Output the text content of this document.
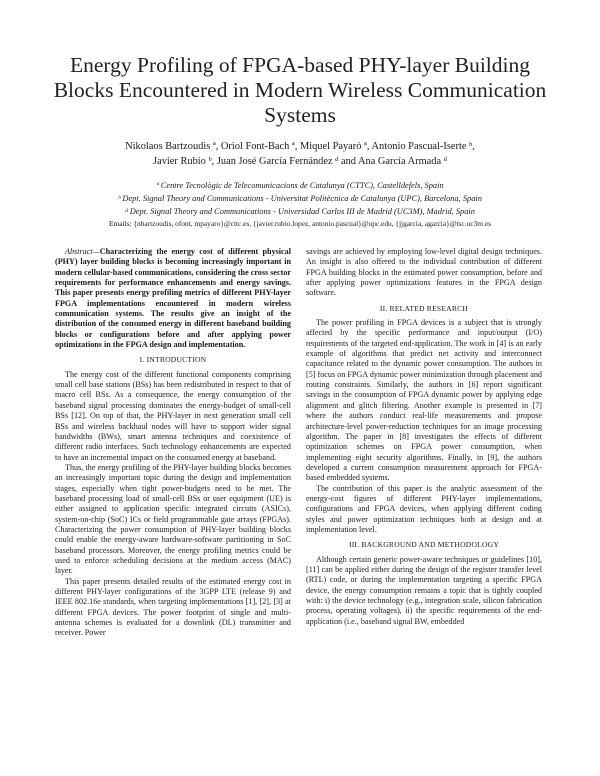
Energy Profiling of FPGA-based PHY-layer Building Blocks Encountered in Modern Wireless Communication Systems
Nikolaos Bartzoudis ª, Oriol Font-Bach ª, Miquel Payaró ª, Antonio Pascual-Iserte ᵇ,
Javier Rubio ᵇ, Juan José García Fernández ᵈ and Ana García Armada ᵈ
ª Centre Tecnològic de Telecomunicacions de Catalunya (CTTC), Castelldefels, Spain
ᵇ Dept. Signal Theory and Communications - Universitat Politècnica de Catalunya (UPC), Barcelona, Spain
ᵈ Dept. Signal Theory and Communications - Universidad Carlos III de Madrid (UC3M), Madrid, Spain
Emails: {nbartzoudis, ofont, mpayaro}@cttc.es, {javier.rubio.lopez, antonio.pascual}@upc.edu, {jjgarcia, agarcia}@tsc.uc3m.es

Abstract—Characterizing the energy cost of different physical (PHY) layer building blocks is becoming increasingly important in modern cellular-based communications, considering the cross sector requirements for performance enhancements and energy savings. This paper presents energy profiling metrics of different PHY-layer FPGA implementations encountered in modern wireless communication systems. The results give an insight of the distribution of the consumed energy in different baseband building blocks or configurations before and after applying power optimizations in the FPGA design and implementation.

I. INTRODUCTION

The energy cost of the different functional components comprising small cell base stations (BSs) has been redistributed in respect to that of macro cell BSs. As a consequence, the energy consumption of the baseband signal processing dominates the energy-budget of small-cell BSs [12]. On top of that, the PHY-layer in next generation small cell BSs and wireless backhaul nodes will have to support wider signal bandwidths (BWs), smart antenna techniques and coexistence of different radio interfaces. Such technology enhancements are expected to have an incremental impact on the consumed energy at baseband.

Thus, the energy profiling of the PHY-layer building blocks becomes an increasingly important topic during the design and implementation stages, especially when tight power-budgets need to be met. The baseband processing load of small-cell BSs or user equipment (UE) is either assigned to application specific integrated circuits (ASICs), system-on-chip (SoC) ICs or field programmable gate arrays (FPGAs). Characterizing the power consumption of PHY-layer building blocks could enable the energy-aware hardware-software partitioning in SoC baseband processors. Moreover, the energy profiling metrics could be used to enforce scheduling decisions at the medium access (MAC) layer.

This paper presents detailed results of the estimated energy cost in different PHY-layer configurations of the 3GPP LTE (release 9) and IEEE 802.16e standards, when targeting implementations [1], [2], [3] at different FPGA devices. The power footprint of single and multi-antenna schemes is evaluated for a downlink (DL) transmitter and receiver. Power

savings are achieved by employing low-level digital design techniques. An insight is also offered to the individual contribution of different FPGA building blocks in the estimated power consumption, before and after applying power optimizations features in the FPGA design software.

II. RELATED RESEARCH

The power profiling in FPGA devices is a subject that is strongly affected by the specific performance and input/output (I/O) requirements of the targeted end-application. The work in [4] is an early example of algorithms that predict net activity and interconnect capacitance related to the dynamic power consumption. The authors in [5] focus on FPGA dynamic power minimization through placement and routing constraints. Similarly, the authors in [6] report significant savings in the consumption of FPGA dynamic power by applying edge alignment and glitch filtering. Another example is presented in [7] where the authors conduct real-life measurements and propose architecture-level power-reduction techniques for an image processing algorithm. The paper in [8] investigates the effects of different optimization schemes on FPGA power consumption, when implementing eight security algorithms. Finally, in [9], the authors developed a current consumption measurement approach for FPGA-based embedded systems.

The contribution of this paper is the analytic assessment of the energy-cost figures of different PHY-layer implementations, configurations and FPGA devices, when applying different coding styles and power optimization techniques both at design and at implementation level.

III. BACKGROUND AND METHODOLOGY

Although certain generic power-aware techniques or guidelines [10], [11] can be applied either during the design of the register transfer level (RTL) code, or during the implementation targeting a specific FPGA device, the energy consumption remains a topic that is tightly coupled with: i) the device technology (e.g., integration scale, silicon fabrication process, operating voltages), ii) the specific requirements of the end-application (i.e., baseband signal BW, embedded
